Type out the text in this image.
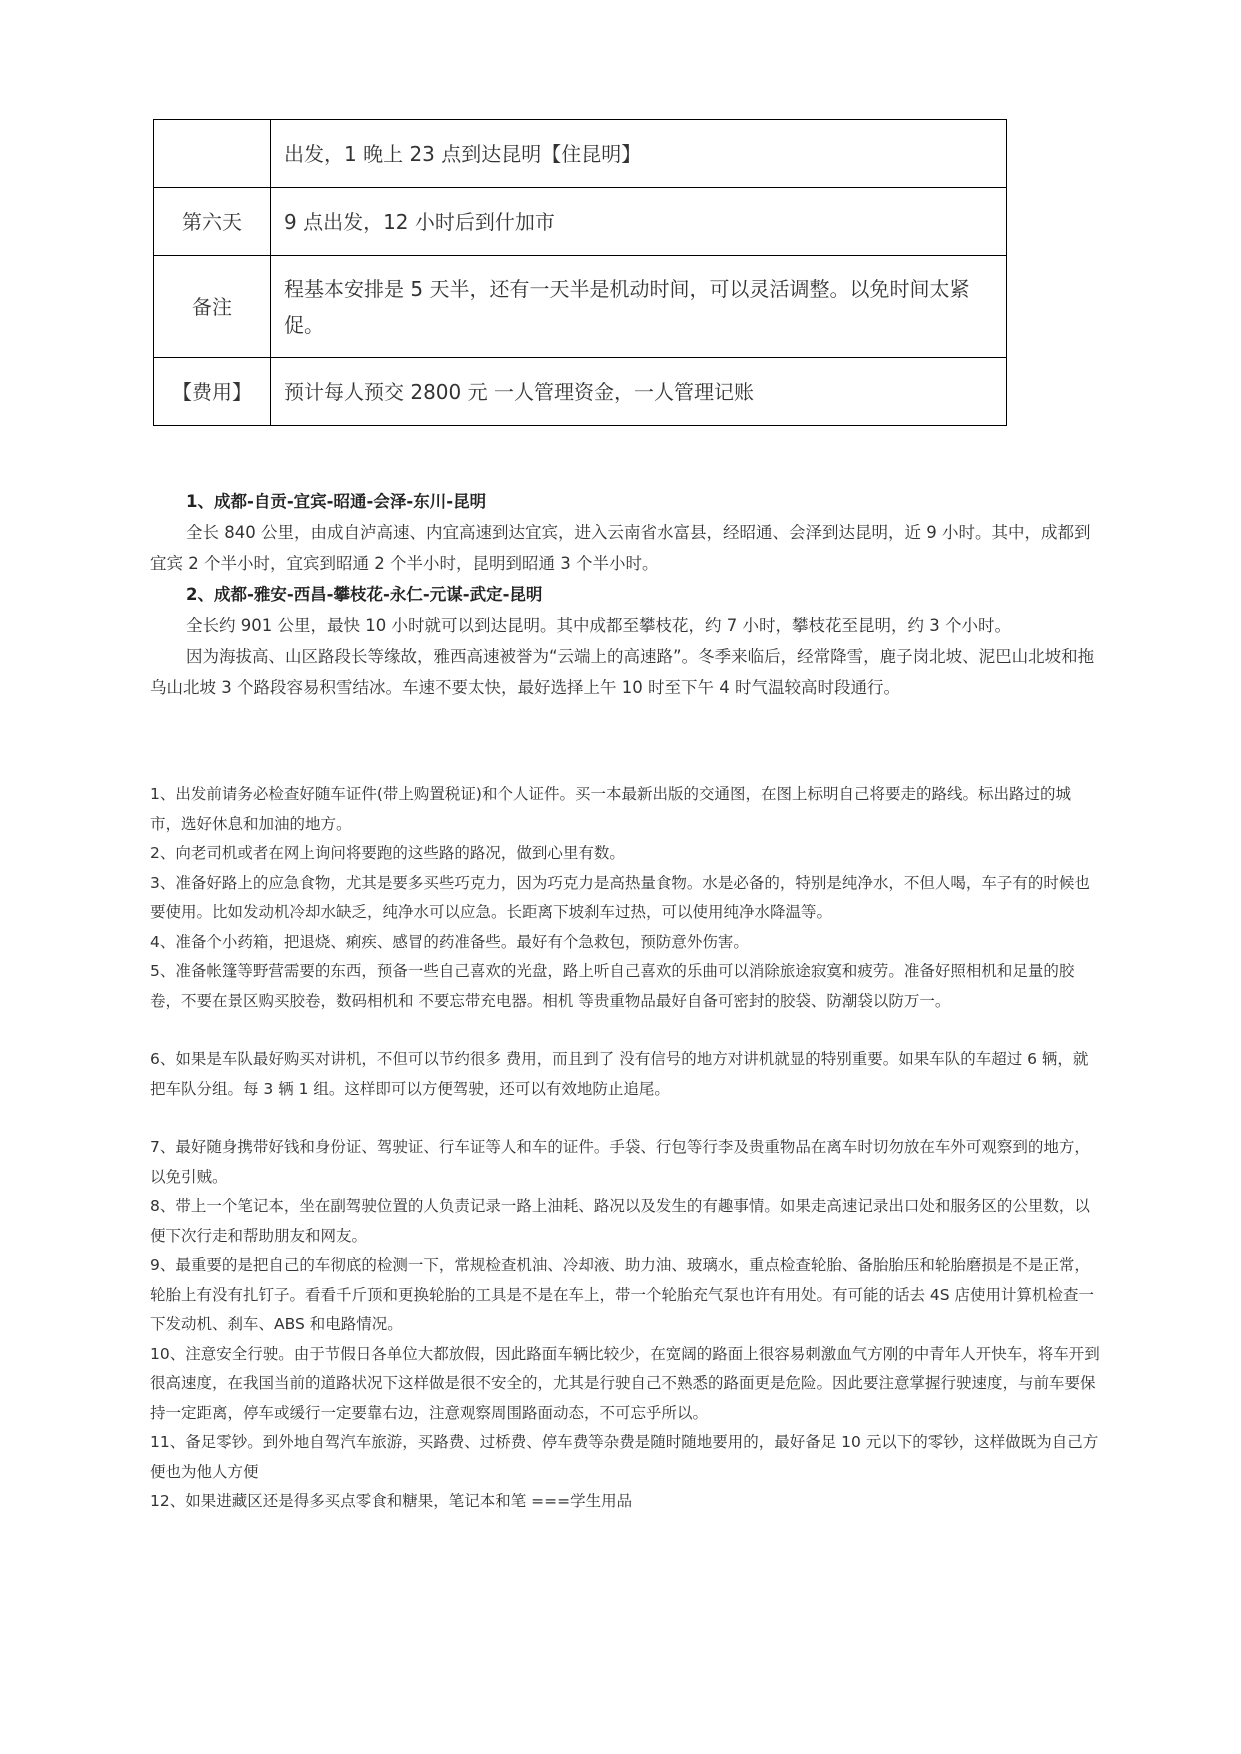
	出发，1 晚上 23 点到达昆明【住昆明】
第六天	9 点出发，12 小时后到什加市
备注	程基本安排是 5 天半，还有一天半是机动时间，可以灵活调整。以免时间太紧促。
【费用】	预计每人预交 2800 元 一人管理资金，一人管理记账

1、成都-自贡-宜宾-昭通-会泽-东川-昆明

全长 840 公里，由成自泸高速、内宜高速到达宜宾，进入云南省水富县，经昭通、会泽到达昆明，近 9 小时。其中，成都到宜宾 2 个半小时，宜宾到昭通 2 个半小时，昆明到昭通 3 个半小时。

2、成都-雅安-西昌-攀枝花-永仁-元谋-武定-昆明

全长约 901 公里，最快 10 小时就可以到达昆明。其中成都至攀枝花，约 7 小时，攀枝花至昆明，约 3 个小时。

因为海拔高、山区路段长等缘故，雅西高速被誉为“云端上的高速路”。冬季来临后，经常降雪，鹿子岗北坡、泥巴山北坡和拖乌山北坡 3 个路段容易积雪结冰。车速不要太快，最好选择上午 10 时至下午 4 时气温较高时段通行。

1、出发前请务必检查好随车证件(带上购置税证)和个人证件。买一本最新出版的交通图，在图上标明自己将要走的路线。标出路过的城市，选好休息和加油的地方。

2、向老司机或者在网上询问将要跑的这些路的路况，做到心里有数。

3、准备好路上的应急食物，尤其是要多买些巧克力，因为巧克力是高热量食物。水是必备的，特别是纯净水，不但人喝，车子有的时候也要使用。比如发动机冷却水缺乏，纯净水可以应急。长距离下坡刹车过热，可以使用纯净水降温等。

4、准备个小药箱，把退烧、痢疾、感冒的药准备些。最好有个急救包，预防意外伤害。

5、准备帐篷等野营需要的东西，预备一些自己喜欢的光盘，路上听自己喜欢的乐曲可以消除旅途寂寞和疲劳。准备好照相机和足量的胶卷，不要在景区购买胶卷，数码相机和 不要忘带充电器。相机 等贵重物品最好自备可密封的胶袋、防潮袋以防万一。

6、如果是车队最好购买对讲机，不但可以节约很多 费用，而且到了 没有信号的地方对讲机就显的特别重要。如果车队的车超过 6 辆，就把车队分组。每 3 辆 1 组。这样即可以方便驾驶，还可以有效地防止追尾。

7、最好随身携带好钱和身份证、驾驶证、行车证等人和车的证件。手袋、行包等行李及贵重物品在离车时切勿放在车外可观察到的地方，以免引贼。

8、带上一个笔记本，坐在副驾驶位置的人负责记录一路上油耗、路况以及发生的有趣事情。如果走高速记录出口处和服务区的公里数，以便下次行走和帮助朋友和网友。

9、最重要的是把自己的车彻底的检测一下，常规检查机油、冷却液、助力油、玻璃水，重点检查轮胎、备胎胎压和轮胎磨损是不是正常，轮胎上有没有扎钉子。看看千斤顶和更换轮胎的工具是不是在车上，带一个轮胎充气泵也许有用处。有可能的话去 4S 店使用计算机检查一下发动机、刹车、ABS 和电路情况。

10、注意安全行驶。由于节假日各单位大都放假，因此路面车辆比较少，在宽阔的路面上很容易刺激血气方刚的中青年人开快车，将车开到很高速度，在我国当前的道路状况下这样做是很不安全的，尤其是行驶自己不熟悉的路面更是危险。因此要注意掌握行驶速度，与前车要保持一定距离，停车或缓行一定要靠右边，注意观察周围路面动态，不可忘乎所以。

11、备足零钞。到外地自驾汽车旅游，买路费、过桥费、停车费等杂费是随时随地要用的，最好备足 10 元以下的零钞，这样做既为自己方便也为他人方便

12、如果进藏区还是得多买点零食和糖果，笔记本和笔 ===学生用品
